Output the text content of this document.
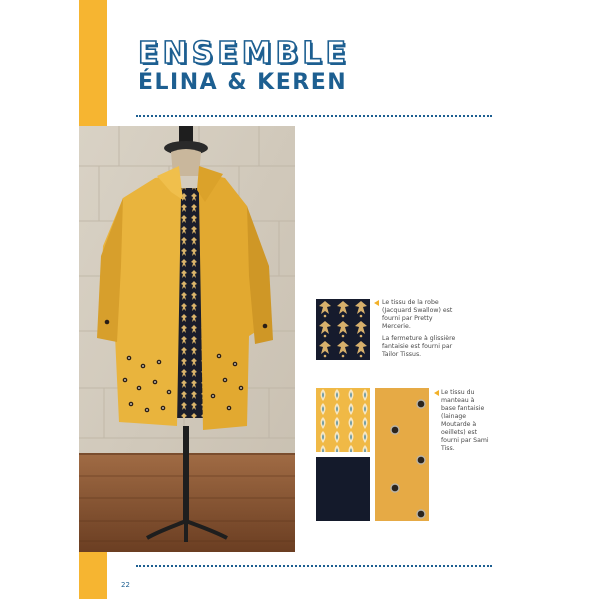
ENSEMBLE
ÉLINA & KEREN

Le tissu de la robe (Jacquard Swallow) est fourni par Pretty Mercerie.

La fermeture à glissière fantaisie est fourni par Tailor Tissus.

Le tissu du manteau à base fantaisie (lainage Moutarde à oeillets) est fourni par Sami Tiss.

22
